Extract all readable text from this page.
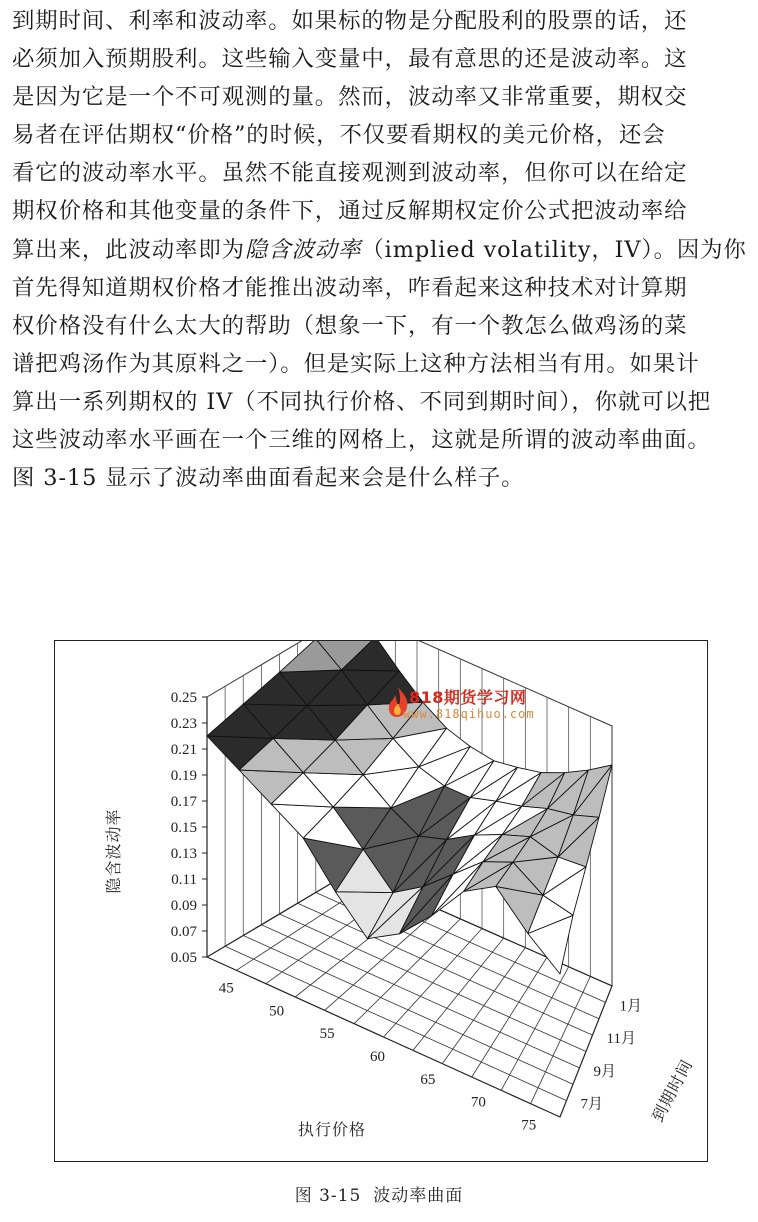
到期时间、利率和波动率。如果标的物是分配股利的股票的话，还
必须加入预期股利。这些输入变量中，最有意思的还是波动率。这
是因为它是一个不可观测的量。然而，波动率又非常重要，期权交
易者在评估期权“价格”的时候，不仅要看期权的美元价格，还会
看它的波动率水平。虽然不能直接观测到波动率，但你可以在给定
期权价格和其他变量的条件下，通过反解期权定价公式把波动率给
算出来，此波动率即为隐含波动率（implied volatility，IV）。因为你
首先得知道期权价格才能推出波动率，咋看起来这种技术对计算期
权价格没有什么太大的帮助（想象一下，有一个教怎么做鸡汤的菜
谱把鸡汤作为其原料之一）。但是实际上这种方法相当有用。如果计
算出一系列期权的 IV（不同执行价格、不同到期时间），你就可以把
这些波动率水平画在一个三维的网格上，这就是所谓的波动率曲面。
图 3-15 显示了波动率曲面看起来会是什么样子。
0.25
0.23
0.21
0.19
0.17
0.15
0.13
0.11
0.09
0.07
0.05
隐含波动率
45
50
55
60
65
70
75
执行价格
7月
9月
11月
1月
到期时间
818期货学习网
www.818qihuo.com
图 3-15 波动率曲面
